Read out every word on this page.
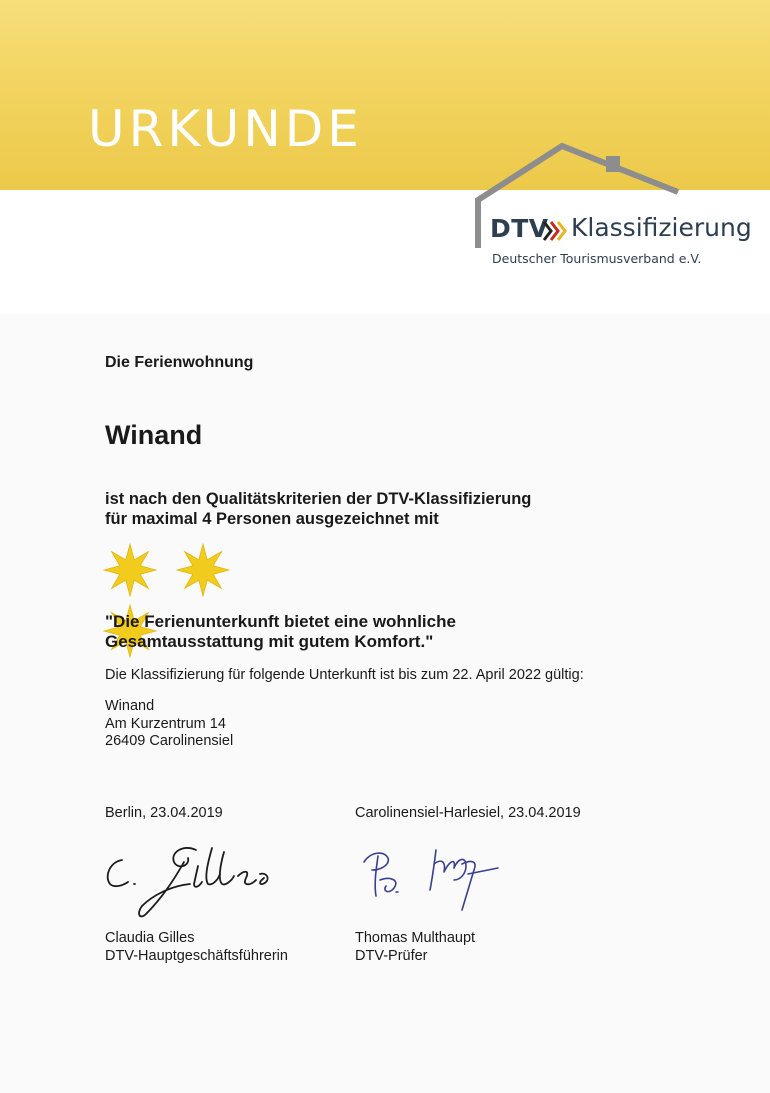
URKUNDE
DTV Klassifizierung
Deutscher Tourismusverband e.V.
Die Ferienwohnung
Winand
ist nach den Qualitätskriterien der DTV-Klassifizierung
für maximal 4 Personen ausgezeichnet mit

"Die Ferienunterkunft bietet eine wohnliche
Gesamtausstattung mit gutem Komfort."
Die Klassifizierung für folgende Unterkunft ist bis zum 22. April 2022 gültig:
Winand
Am Kurzentrum 14
26409 Carolinensiel
Berlin, 23.04.2019	Carolinensiel-Harlesiel, 23.04.2019
Claudia Gilles
DTV-Hauptgeschäftsführerin
Thomas Multhaupt
DTV-Prüfer
